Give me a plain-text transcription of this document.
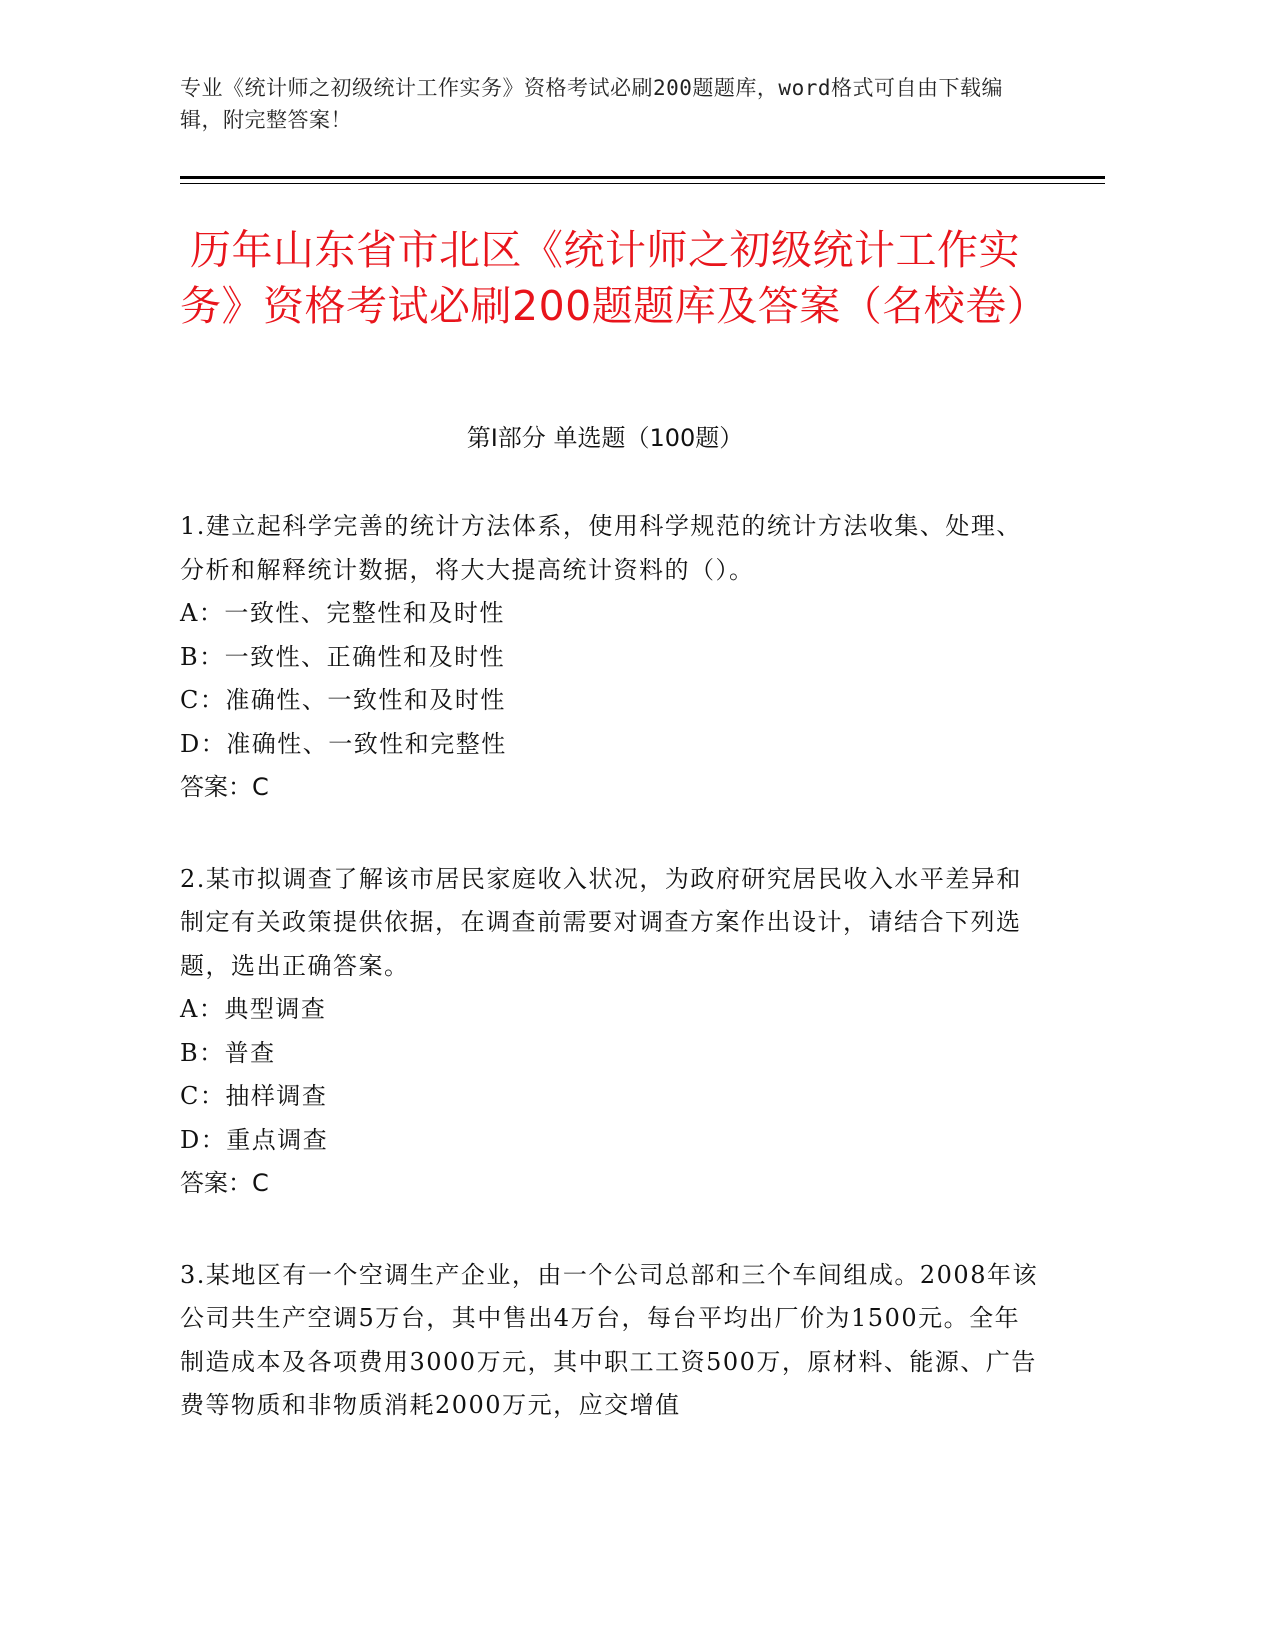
专业《统计师之初级统计工作实务》资格考试必刷200题题库，word格式可自由下载编辑，附完整答案！
历年山东省市北区《统计师之初级统计工作实务》资格考试必刷200题题库及答案（名校卷）
第Ⅰ部分 单选题（100题）

1.建立起科学完善的统计方法体系，使用科学规范的统计方法收集、处理、分析和解释统计数据，将大大提高统计资料的（）。

A：一致性、完整性和及时性

B：一致性、正确性和及时性

C：准确性、一致性和及时性

D：准确性、一致性和完整性

答案：C

2.某市拟调查了解该市居民家庭收入状况，为政府研究居民收入水平差异和制定有关政策提供依据，在调查前需要对调查方案作出设计，请结合下列选题，选出正确答案。

A：典型调查

B：普查

C：抽样调查

D：重点调查

答案：C

3.某地区有一个空调生产企业，由一个公司总部和三个车间组成。2008年该公司共生产空调5万台，其中售出4万台，每台平均出厂价为1500元。全年制造成本及各项费用3000万元，其中职工工资500万，原材料、能源、广告费等物质和非物质消耗2000万元，应交增值
